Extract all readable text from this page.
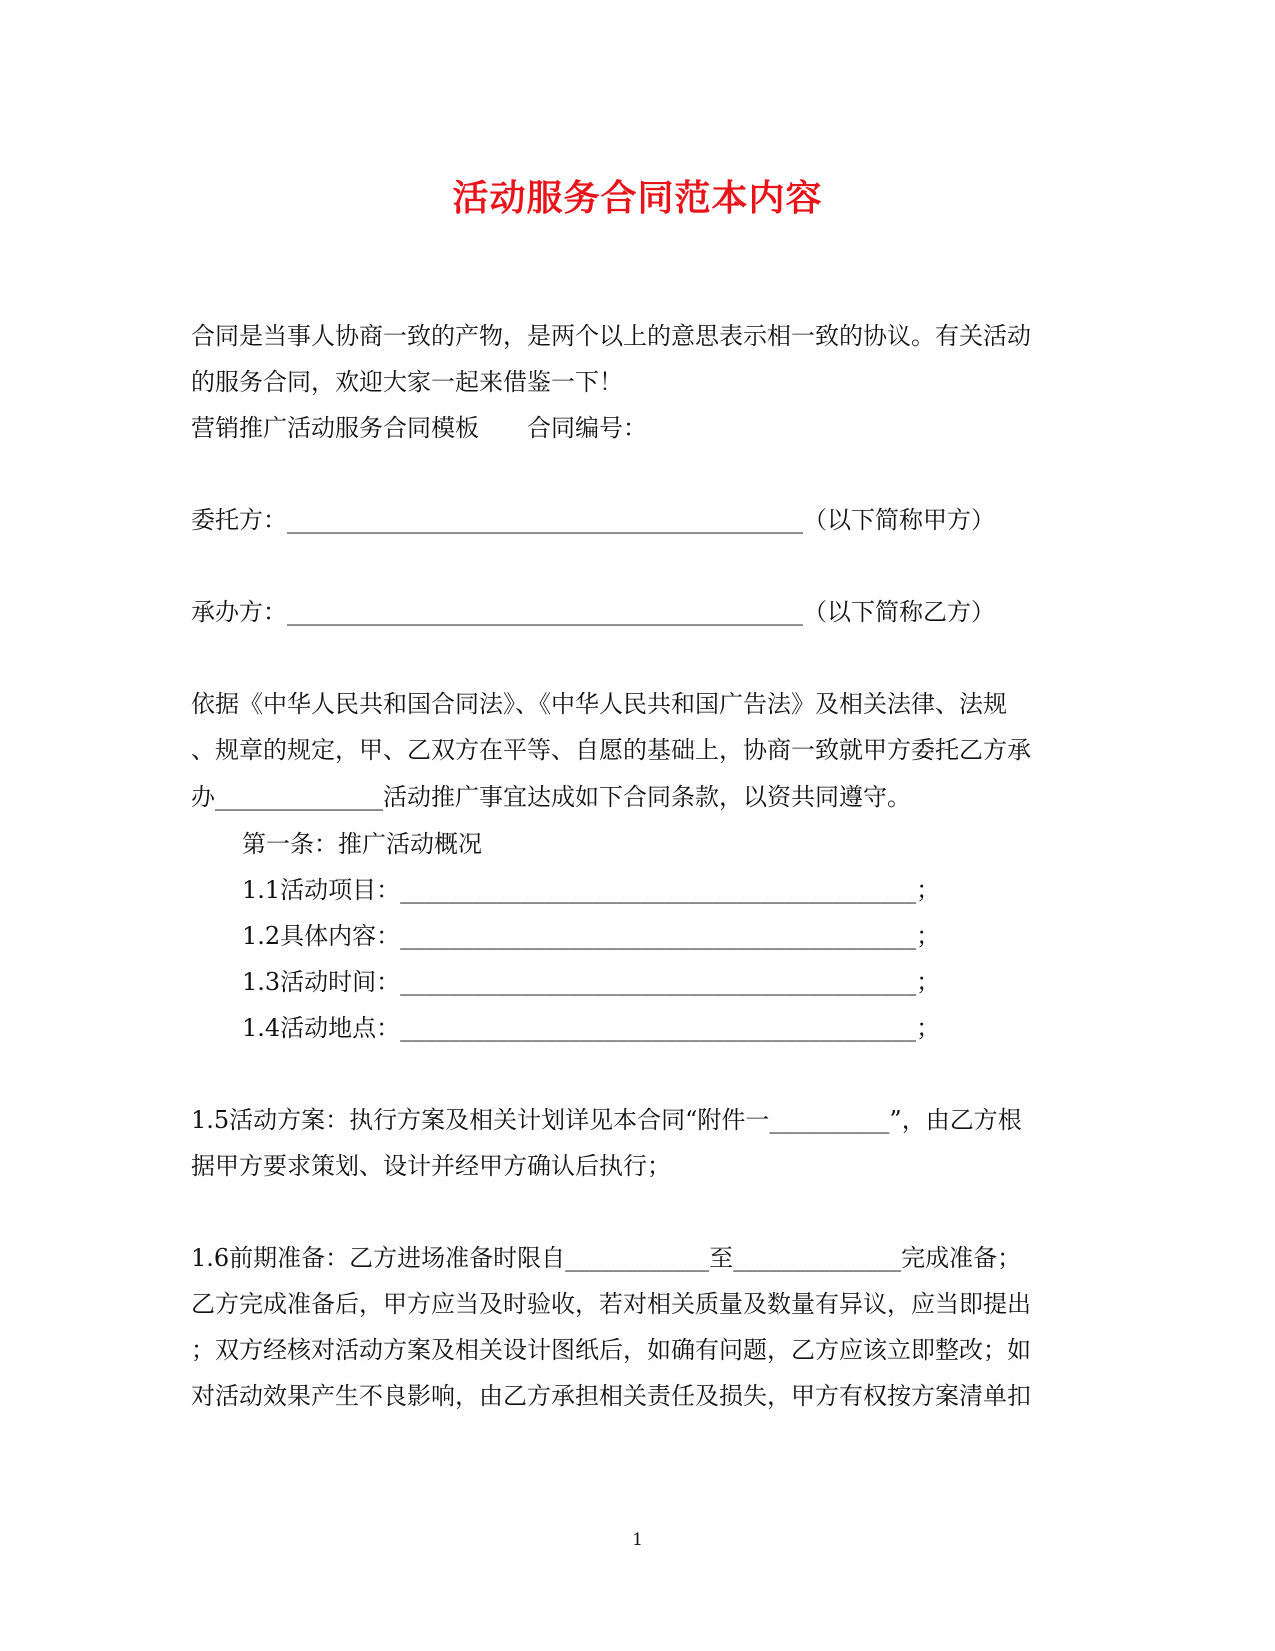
活动服务合同范本内容
合同是当事人协商一致的产物，是两个以上的意思表示相一致的协议。有关活动
的服务合同，欢迎大家一起来借鉴一下！
营销推广活动服务合同模板　　合同编号：
委托方：___________________________________________（以下简称甲方）
承办方：___________________________________________（以下简称乙方）
依据《中华人民共和国合同法》、《中华人民共和国广告法》及相关法律、法规
、规章的规定，甲、乙双方在平等、自愿的基础上，协商一致就甲方委托乙方承
办______________活动推广事宜达成如下合同条款，以资共同遵守。
第一条：推广活动概况
1.1活动项目：___________________________________________；
1.2具体内容：___________________________________________；
1.3活动时间：___________________________________________；
1.4活动地点：___________________________________________；
1.5活动方案：执行方案及相关计划详见本合同“附件一__________”，由乙方根
据甲方要求策划、设计并经甲方确认后执行；
1.6前期准备：乙方进场准备时限自____________至______________完成准备；
乙方完成准备后，甲方应当及时验收，若对相关质量及数量有异议，应当即提出
；双方经核对活动方案及相关设计图纸后，如确有问题，乙方应该立即整改；如
对活动效果产生不良影响，由乙方承担相关责任及损失，甲方有权按方案清单扣
1
